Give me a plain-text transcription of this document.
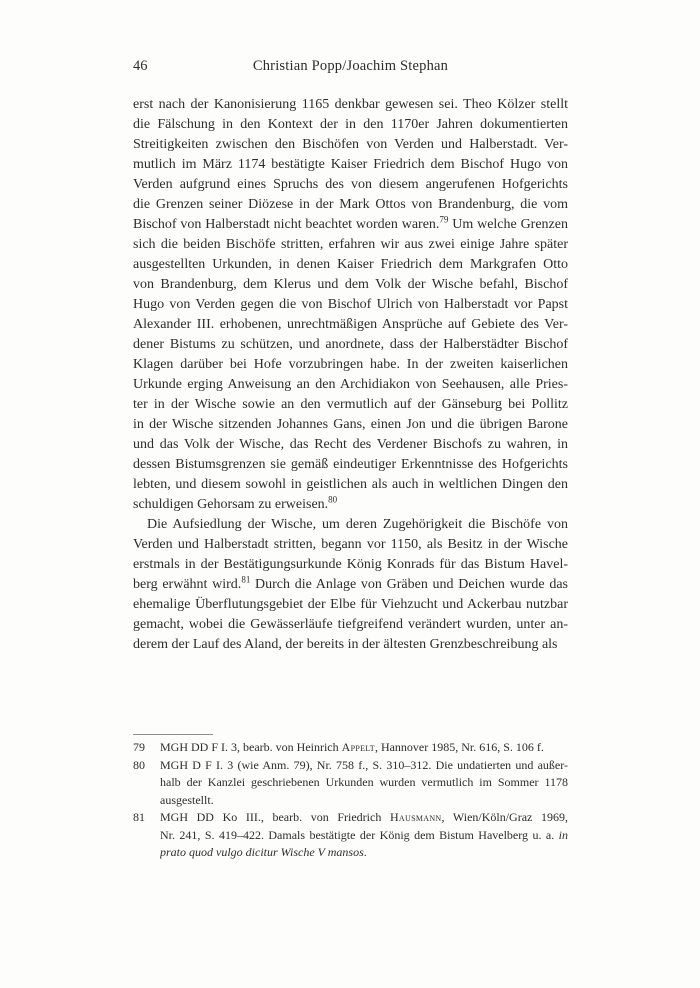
Christian Popp/Joachim Stephan
46
erst nach der Kanonisierung 1165 denkbar gewesen sei. Theo Kölzer stellt
die Fälschung in den Kontext der in den 1170er Jahren dokumentierten
Streitigkeiten zwischen den Bischöfen von Verden und Halberstadt. Ver-
mutlich im März 1174 bestätigte Kaiser Friedrich dem Bischof Hugo von
Verden aufgrund eines Spruchs des von diesem angerufenen Hofgerichts
die Grenzen seiner Diözese in der Mark Ottos von Brandenburg, die vom
Bischof von Halberstadt nicht beachtet worden waren.$^{79}$ Um welche Grenzen
sich die beiden Bischöfe stritten, erfahren wir aus zwei einige Jahre später
ausgestellten Urkunden, in denen Kaiser Friedrich dem Markgrafen Otto
von Brandenburg, dem Klerus und dem Volk der Wische befahl, Bischof
Hugo von Verden gegen die von Bischof Ulrich von Halberstadt vor Papst
Alexander III. erhobenen, unrechtmäßigen Ansprüche auf Gebiete des Ver-
dener Bistums zu schützen, und anordnete, dass der Halberstädter Bischof
Klagen darüber bei Hofe vorzubringen habe. In der zweiten kaiserlichen
Urkunde erging Anweisung an den Archidiakon von Seehausen, alle Pries-
ter in der Wische sowie an den vermutlich auf der Gänseburg bei Pollitz
in der Wische sitzenden Johannes Gans, einen Jon und die übrigen Barone
und das Volk der Wische, das Recht des Verdener Bischofs zu wahren, in
dessen Bistumsgrenzen sie gemäß eindeutiger Erkenntnisse des Hofgerichts
lebten, und diesem sowohl in geistlichen als auch in weltlichen Dingen den
schuldigen Gehorsam zu erweisen.$^{80}$
Die Aufsiedlung der Wische, um deren Zugehörigkeit die Bischöfe von
Verden und Halberstadt stritten, begann vor 1150, als Besitz in der Wische
erstmals in der Bestätigungsurkunde König Konrads für das Bistum Havel-
berg erwähnt wird.$^{81}$ Durch die Anlage von Gräben und Deichen wurde das
ehemalige Überflutungsgebiet der Elbe für Viehzucht und Ackerbau nutzbar
gemacht, wobei die Gewässerläufe tiefgreifend verändert wurden, unter an-
derem der Lauf des Aland, der bereits in der ältesten Grenzbeschreibung als
79	MGH DD F I. 3, bearb. von Heinrich Appelt, Hannover 1985, Nr. 616, S. 106 f.
80	MGH D F I. 3 (wie Anm. 79), Nr. 758 f., S. 310–312. Die undatierten und außer-
halb der Kanzlei geschriebenen Urkunden wurden vermutlich im Sommer 1178
ausgestellt.
81	MGH DD Ko III., bearb. von Friedrich Hausmann, Wien/Köln/Graz 1969,
Nr. 241, S. 419–422. Damals bestätigte der König dem Bistum Havelberg u. a. in
prato quod vulgo dicitur Wische V mansos.
